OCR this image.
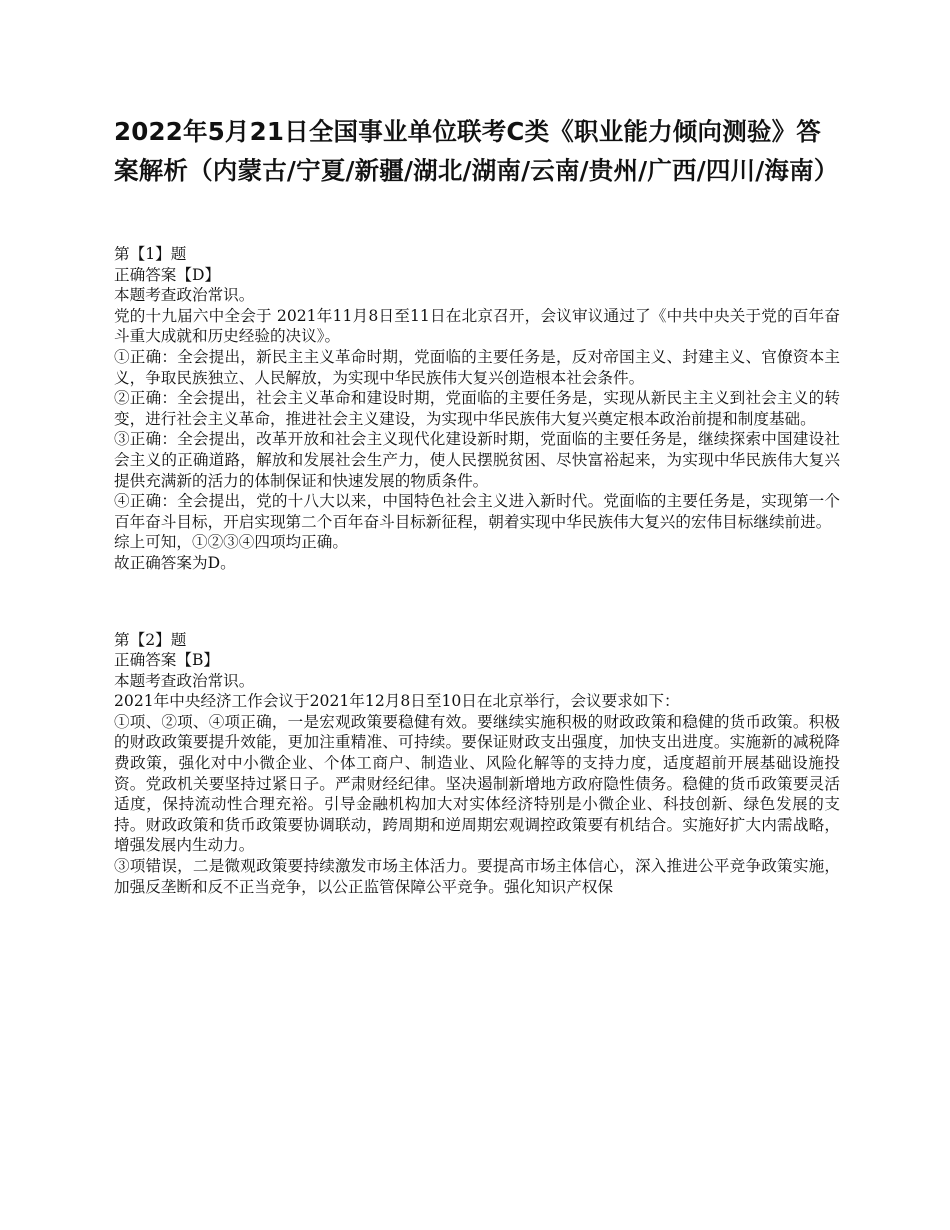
2022年5月21日全国事业单位联考C类《职业能力倾向测验》答案解析（内蒙古/宁夏/新疆/湖北/湖南/云南/贵州/广西/四川/海南）

第【1】题

正确答案【D】

本题考查政治常识。

党的十九届六中全会于 2021年11月8日至11日在北京召开，会议审议通过了《中共中央关于党的百年奋斗重大成就和历史经验的决议》。

①正确：全会提出，新民主主义革命时期，党面临的主要任务是，反对帝国主义、封建主义、官僚资本主义，争取民族独立、人民解放，为实现中华民族伟大复兴创造根本社会条件。

②正确：全会提出，社会主义革命和建设时期，党面临的主要任务是，实现从新民主主义到社会主义的转变，进行社会主义革命，推进社会主义建设，为实现中华民族伟大复兴奠定根本政治前提和制度基础。

③正确：全会提出，改革开放和社会主义现代化建设新时期，党面临的主要任务是，继续探索中国建设社会主义的正确道路，解放和发展社会生产力，使人民摆脱贫困、尽快富裕起来，为实现中华民族伟大复兴提供充满新的活力的体制保证和快速发展的物质条件。

④正确：全会提出，党的十八大以来，中国特色社会主义进入新时代。党面临的主要任务是，实现第一个百年奋斗目标，开启实现第二个百年奋斗目标新征程，朝着实现中华民族伟大复兴的宏伟目标继续前进。

综上可知，①②③④四项均正确。

故正确答案为D。

第【2】题

正确答案【B】

本题考查政治常识。

2021年中央经济工作会议于2021年12月8日至10日在北京举行，会议要求如下：

①项、②项、④项正确，一是宏观政策要稳健有效。要继续实施积极的财政政策和稳健的货币政策。积极的财政政策要提升效能，更加注重精准、可持续。要保证财政支出强度，加快支出进度。实施新的减税降费政策，强化对中小微企业、个体工商户、制造业、风险化解等的支持力度，适度超前开展基础设施投资。党政机关要坚持过紧日子。严肃财经纪律。坚决遏制新增地方政府隐性债务。稳健的货币政策要灵活适度，保持流动性合理充裕。引导金融机构加大对实体经济特别是小微企业、科技创新、绿色发展的支持。财政政策和货币政策要协调联动，跨周期和逆周期宏观调控政策要有机结合。实施好扩大内需战略，增强发展内生动力。

③项错误，二是微观政策要持续激发市场主体活力。要提高市场主体信心，深入推进公平竞争政策实施，加强反垄断和反不正当竞争，以公正监管保障公平竞争。强化知识产权保
